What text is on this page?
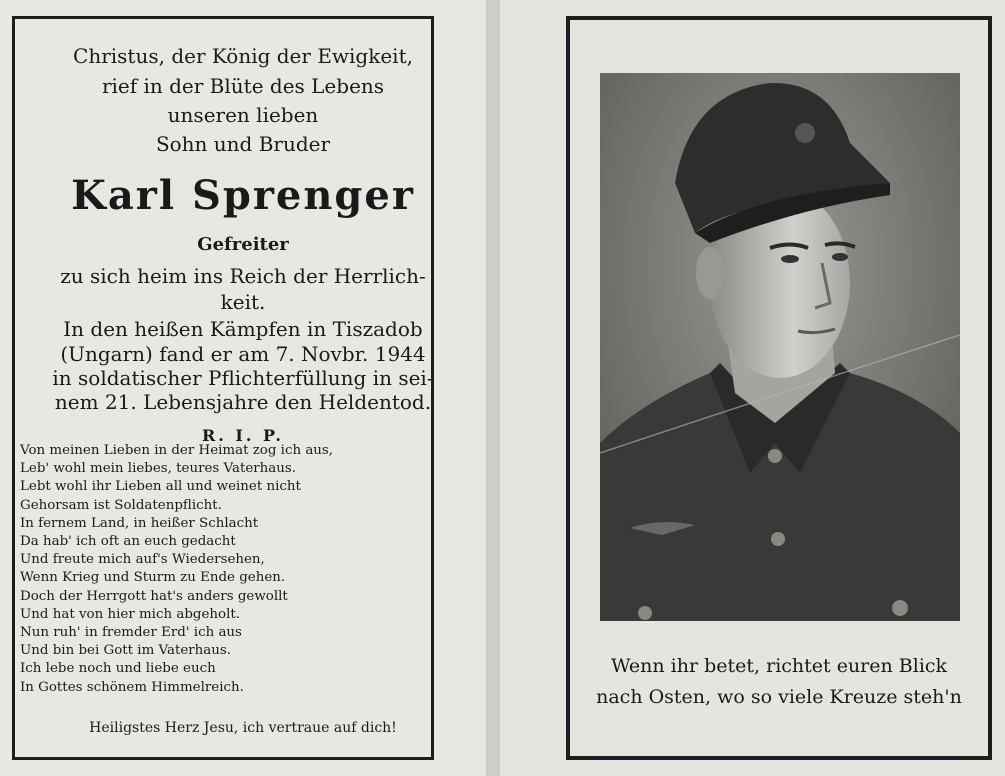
Christus, der König der Ewigkeit,
rief in der Blüte des Lebens
unseren lieben
Sohn und Bruder
Karl Sprenger
Gefreiter
zu sich heim ins Reich der Herrlich-
keit.
In den heißen Kämpfen in Tiszadob
(Ungarn) fand er am 7. Novbr. 1944
in soldatischer Pflichterfüllung in sei-
nem 21. Lebensjahre den Heldentod.
R. I. P.
Von meinen Lieben in der Heimat zog ich aus,
Leb' wohl mein liebes, teures Vaterhaus.
Lebt wohl ihr Lieben all und weinet nicht
Gehorsam ist Soldatenpflicht.
In fernem Land, in heißer Schlacht
Da hab' ich oft an euch gedacht
Und freute mich auf's Wiedersehen,
Wenn Krieg und Sturm zu Ende gehen.
Doch der Herrgott hat's anders gewollt
Und hat von hier mich abgeholt.
Nun ruh' in fremder Erd' ich aus
Und bin bei Gott im Vaterhaus.
Ich lebe noch und liebe euch
In Gottes schönem Himmelreich.
Heiligstes Herz Jesu, ich vertraue auf dich!
Wenn ihr betet, richtet euren Blick
nach Osten, wo so viele Kreuze steh'n
